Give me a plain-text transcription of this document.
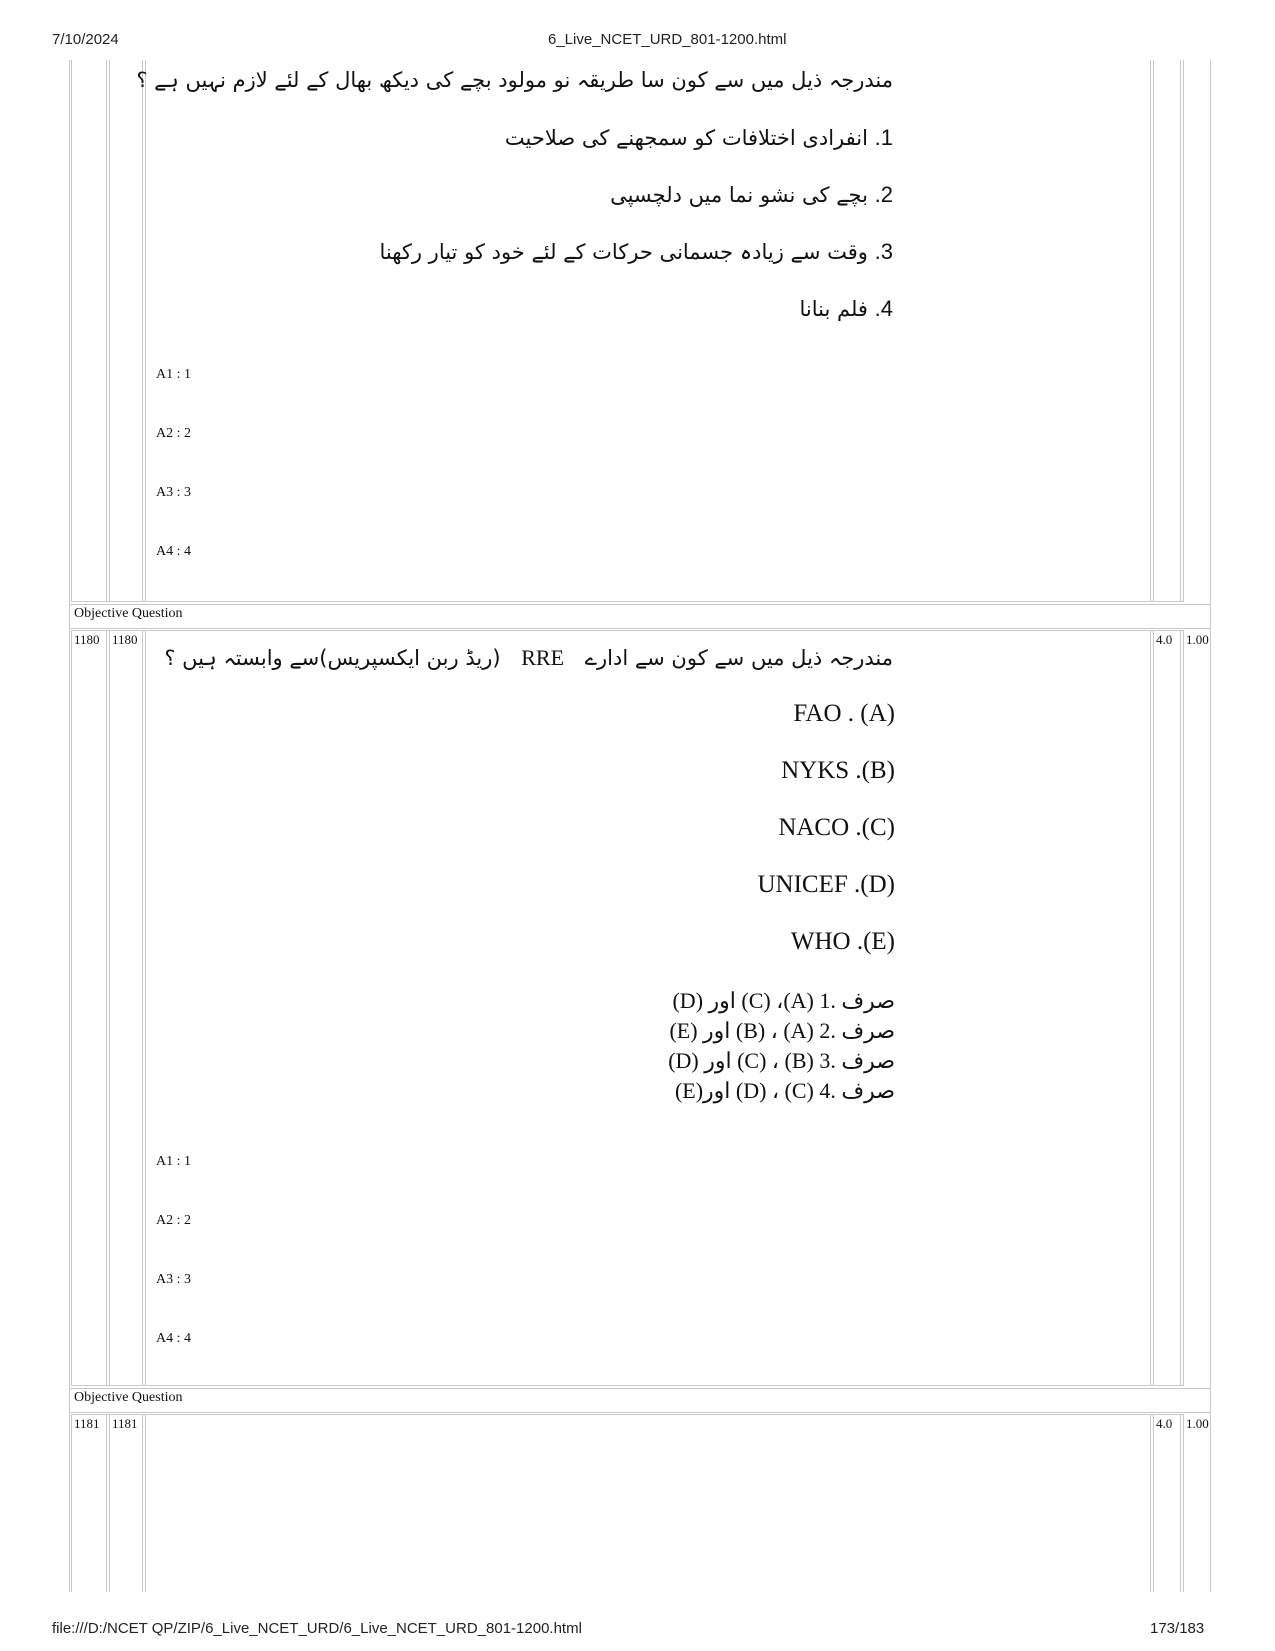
7/10/2024	6_Live_NCET_URD_801-1200.html
file:///D:/NCET QP/ZIP/6_Live_NCET_URD/6_Live_NCET_URD_801-1200.html	173/183
مندرجہ ذیل میں سے کون سا طریقہ نو مولود بچے کی دیکھ بھال کے لئے لازم نہیں ہے ؟
1. انفرادی اختلافات کو سمجھنے کی صلاحیت
2. بچے کی نشو نما میں دلچسپی
3. وقت سے زیادہ جسمانی حرکات کے لئے خود کو تیار رکھنا
4. فلم بنانا
A1 : 1
A2 : 2
A3 : 3
A4 : 4
Objective Question
1180 1180	4.0 1.00
مندرجہ ذیل میں سے کون سے ادارے RRE (ریڈ ربن ایکسپریس)سے وابستہ ہیں ؟
FAO . (A)
NYKS .(B)
NACO .(C)
UNICEF .(D)
WHO .(E)
(D) اور (C) ،(A) صرف .1
(E) اور (B) ، (A) صرف .2
(D) اور (C) ، (B) صرف .3
(E)اور (D) ، (C) صرف .4
A1 : 1
A2 : 2
A3 : 3
A4 : 4
Objective Question
1181 1181	4.0 1.00
